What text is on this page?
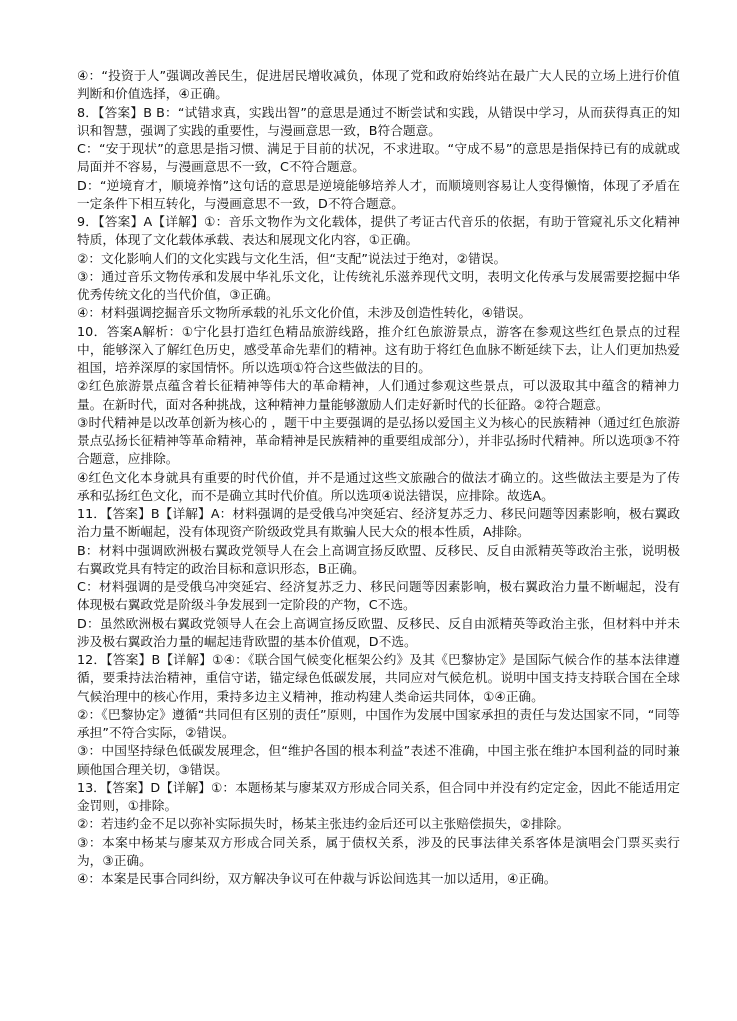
④：“投资于人”强调改善民生，促进居民增收减负，体现了党和政府始终站在最广大人民的立场上进行价值判断和价值选择，④正确。

8．【答案】B B：“试错求真，实践出智”的意思是通过不断尝试和实践，从错误中学习，从而获得真正的知识和智慧，强调了实践的重要性，与漫画意思一致，B符合题意。

C：“安于现状”的意思是指习惯、满足于目前的状况，不求进取。“守成不易”的意思是指保持已有的成就或局面并不容易，与漫画意思不一致，C不符合题意。

D：“逆境育才，顺境养惰”这句话的意思是逆境能够培养人才，而顺境则容易让人变得懒惰，体现了矛盾在一定条件下相互转化，与漫画意思不一致，D不符合题意。

9．【答案】A【详解】①：音乐文物作为文化载体，提供了考证古代音乐的依据，有助于管窥礼乐文化精神特质，体现了文化载体承载、表达和展现文化内容，①正确。

②：文化影响人们的文化实践与文化生活，但“支配”说法过于绝对，②错误。

③：通过音乐文物传承和发展中华礼乐文化，让传统礼乐滋养现代文明，表明文化传承与发展需要挖掘中华优秀传统文化的当代价值，③正确。

④：材料强调挖掘音乐文物所承载的礼乐文化价值，未涉及创造性转化，④错误。

10．答案A解析：①宁化县打造红色精品旅游线路，推介红色旅游景点，游客在参观这些红色景点的过程中，能够深入了解红色历史，感受革命先辈们的精神。这有助于将红色血脉不断延续下去，让人们更加热爱祖国，培养深厚的家国情怀。所以选项①符合这些做法的目的。

②红色旅游景点蕴含着长征精神等伟大的革命精神，人们通过参观这些景点，可以汲取其中蕴含的精神力量。在新时代，面对各种挑战，这种精神力量能够激励人们走好新时代的长征路。②符合题意。

③时代精神是以改革创新为核心的 ，题干中主要强调的是弘扬以爱国主义为核心的民族精神（通过红色旅游景点弘扬长征精神等革命精神，革命精神是民族精神的重要组成部分），并非弘扬时代精神。所以选项③不符合题意，应排除。

④红色文化本身就具有重要的时代价值，并不是通过这些文旅融合的做法才确立的。这些做法主要是为了传承和弘扬红色文化，而不是确立其时代价值。所以选项④说法错误，应排除。故选A。

11．【答案】B【详解】A：材料强调的是受俄乌冲突延宕、经济复苏乏力、移民问题等因素影响，极右翼政治力量不断崛起，没有体现资产阶级政党具有欺骗人民大众的根本性质，A排除。

B：材料中强调欧洲极右翼政党领导人在会上高调宣扬反欧盟、反移民、反自由派精英等政治主张，说明极右翼政党具有特定的政治目标和意识形态，B正确。

C：材料强调的是受俄乌冲突延宕、经济复苏乏力、移民问题等因素影响，极右翼政治力量不断崛起，没有体现极右翼政党是阶级斗争发展到一定阶段的产物，C不选。

D：虽然欧洲极右翼政党领导人在会上高调宣扬反欧盟、反移民、反自由派精英等政治主张，但材料中并未涉及极右翼政治力量的崛起违背欧盟的基本价值观，D不选。

12．【答案】B【详解】①④：《联合国气候变化框架公约》及其《巴黎协定》是国际气候合作的基本法律遵循，要秉持法治精神，重信守诺，锚定绿色低碳发展，共同应对气候危机。说明中国支持支持联合国在全球气候治理中的核心作用，秉持多边主义精神，推动构建人类命运共同体，①④正确。

②：《巴黎协定》遵循“共同但有区别的责任”原则，中国作为发展中国家承担的责任与发达国家不同，“同等承担”不符合实际，②错误。

③：中国坚持绿色低碳发展理念，但“维护各国的根本利益”表述不准确，中国主张在维护本国利益的同时兼顾他国合理关切，③错误。

13．【答案】D【详解】①：本题杨某与廖某双方形成合同关系，但合同中并没有约定定金，因此不能适用定金罚则，①排除。

②：若违约金不足以弥补实际损失时，杨某主张违约金后还可以主张赔偿损失，②排除。

③：本案中杨某与廖某双方形成合同关系，属于债权关系，涉及的民事法律关系客体是演唱会门票买卖行为，③正确。

④：本案是民事合同纠纷，双方解决争议可在仲裁与诉讼间选其一加以适用，④正确。
